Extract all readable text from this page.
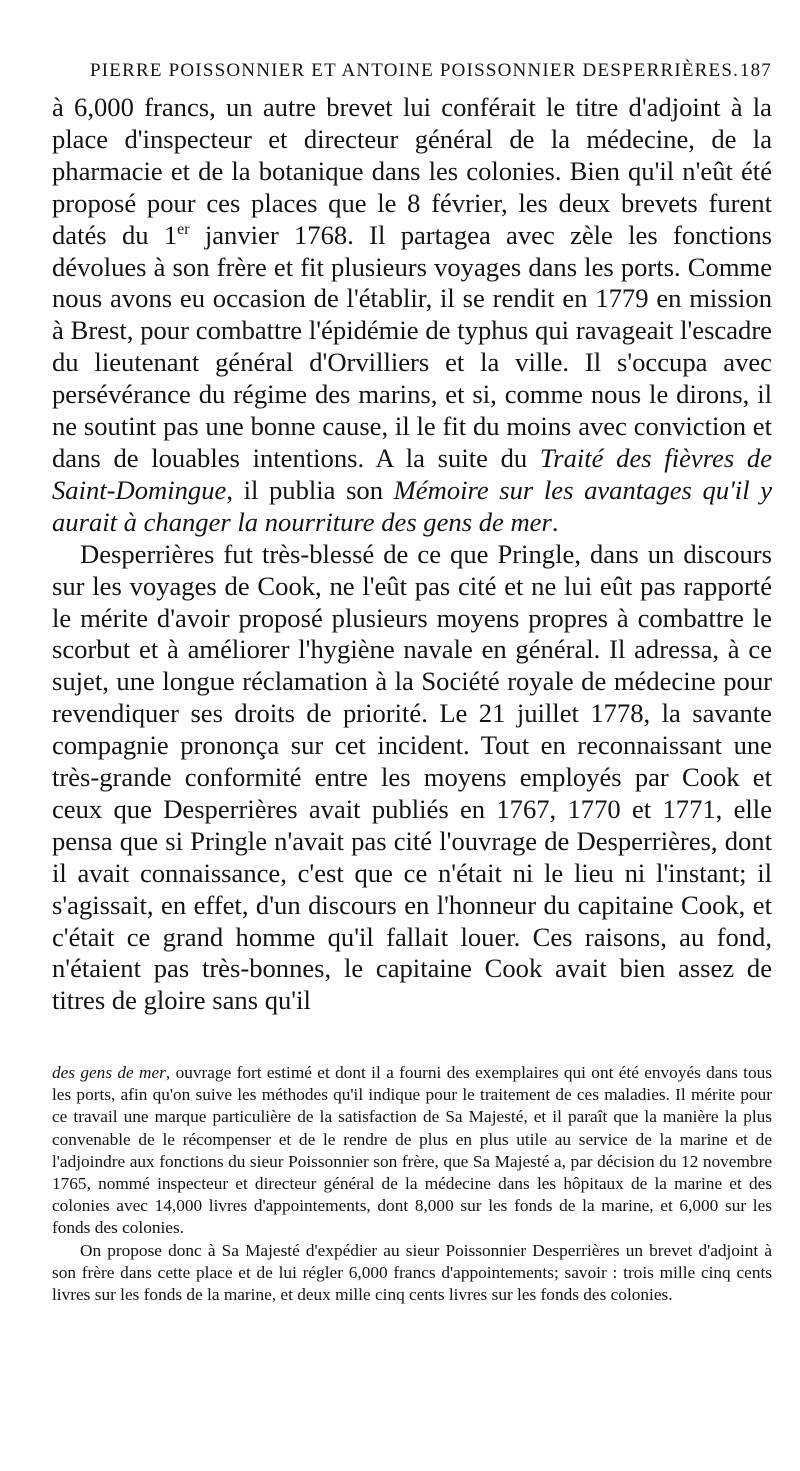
PIERRE POISSONNIER ET ANTOINE POISSONNIER DESPERRIÈRES. 187

à 6,000 francs, un autre brevet lui conférait le titre d'adjoint à la place d'inspecteur et directeur général de la médecine, de la pharmacie et de la botanique dans les colonies. Bien qu'il n'eût été proposé pour ces places que le 8 février, les deux brevets furent datés du 1er janvier 1768. Il partagea avec zèle les fonctions dévolues à son frère et fit plusieurs voyages dans les ports. Comme nous avons eu occasion de l'établir, il se rendit en 1779 en mission à Brest, pour combattre l'épidémie de typhus qui ravageait l'escadre du lieutenant général d'Orvilliers et la ville. Il s'occupa avec persévérance du régime des marins, et si, comme nous le dirons, il ne soutint pas une bonne cause, il le fit du moins avec conviction et dans de louables intentions. A la suite du Traité des fièvres de Saint-Domingue, il publia son Mémoire sur les avantages qu'il y aurait à changer la nourriture des gens de mer.

Desperrières fut très-blessé de ce que Pringle, dans un discours sur les voyages de Cook, ne l'eût pas cité et ne lui eût pas rapporté le mérite d'avoir proposé plusieurs moyens propres à combattre le scorbut et à améliorer l'hygiène navale en général. Il adressa, à ce sujet, une longue réclamation à la Société royale de médecine pour revendiquer ses droits de priorité. Le 21 juillet 1778, la savante compagnie prononça sur cet incident. Tout en reconnaissant une très-grande conformité entre les moyens employés par Cook et ceux que Desperrières avait publiés en 1767, 1770 et 1771, elle pensa que si Pringle n'avait pas cité l'ouvrage de Desperrières, dont il avait connaissance, c'est que ce n'était ni le lieu ni l'instant; il s'agissait, en effet, d'un discours en l'honneur du capitaine Cook, et c'était ce grand homme qu'il fallait louer. Ces raisons, au fond, n'étaient pas très-bonnes, le capitaine Cook avait bien assez de titres de gloire sans qu'il

des gens de mer, ouvrage fort estimé et dont il a fourni des exemplaires qui ont été envoyés dans tous les ports, afin qu'on suive les méthodes qu'il indique pour le traitement de ces maladies. Il mérite pour ce travail une marque particulière de la satisfaction de Sa Majesté, et il paraît que la manière la plus convenable de le récompenser et de le rendre de plus en plus utile au service de la marine et de l'adjoindre aux fonctions du sieur Poissonnier son frère, que Sa Majesté a, par décision du 12 novembre 1765, nommé inspecteur et directeur général de la médecine dans les hôpitaux de la marine et des colonies avec 14,000 livres d'appointements, dont 8,000 sur les fonds de la marine, et 6,000 sur les fonds des colonies.

On propose donc à Sa Majesté d'expédier au sieur Poissonnier Desperrières un brevet d'adjoint à son frère dans cette place et de lui régler 6,000 francs d'appointements; savoir : trois mille cinq cents livres sur les fonds de la marine, et deux mille cinq cents livres sur les fonds des colonies.
